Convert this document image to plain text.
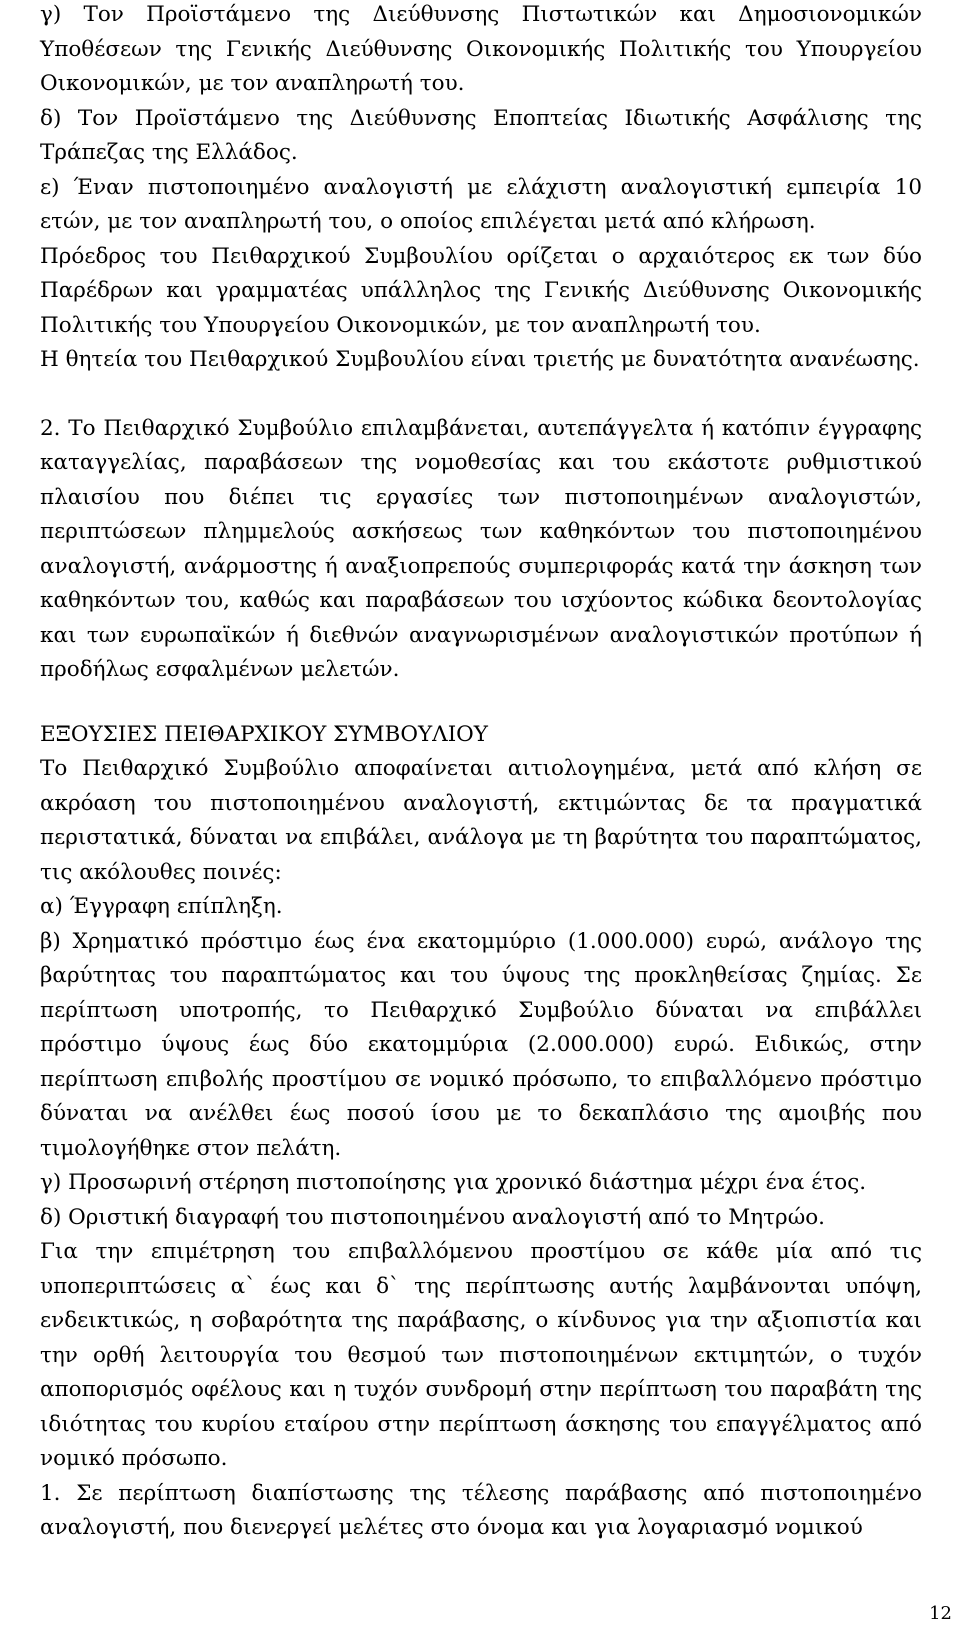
γ) Τον Προϊστάμενο της Διεύθυνσης Πιστωτικών και Δημοσιονομικών Υποθέσεων της Γενικής Διεύθυνσης Οικονομικής Πολιτικής του Υπουργείου Οικονομικών, με τον αναπληρωτή του.

δ) Τον Προϊστάμενο της Διεύθυνσης Εποπτείας Ιδιωτικής Ασφάλισης της Τράπεζας της Ελλάδος.

ε) Έναν πιστοποιημένο αναλογιστή με ελάχιστη αναλογιστική εμπειρία 10 ετών, με τον αναπληρωτή του, ο οποίος επιλέγεται μετά από κλήρωση.

Πρόεδρος του Πειθαρχικού Συμβουλίου ορίζεται ο αρχαιότερος εκ των δύο Παρέδρων και γραμματέας υπάλληλος της Γενικής Διεύθυνσης Οικονομικής Πολιτικής του Υπουργείου Οικονομικών, με τον αναπληρωτή του.

Η θητεία του Πειθαρχικού Συμβουλίου είναι τριετής με δυνατότητα ανανέωσης.

2. Το Πειθαρχικό Συμβούλιο επιλαμβάνεται, αυτεπάγγελτα ή κατόπιν έγγραφης καταγγελίας, παραβάσεων της νομοθεσίας και του εκάστοτε ρυθμιστικού πλαισίου που διέπει τις εργασίες των πιστοποιημένων αναλογιστών, περιπτώσεων πλημμελούς ασκήσεως των καθηκόντων του πιστοποιημένου αναλογιστή, ανάρμοστης ή αναξιοπρεπούς συμπεριφοράς κατά την άσκηση των καθηκόντων του, καθώς και παραβάσεων του ισχύοντος κώδικα δεοντολογίας και των ευρωπαϊκών ή διεθνών αναγνωρισμένων αναλογιστικών προτύπων ή προδήλως εσφαλμένων μελετών.

ΕΞΟΥΣΙΕΣ ΠΕΙΘΑΡΧΙΚΟΥ ΣΥΜΒΟΥΛΙΟΥ

Το Πειθαρχικό Συμβούλιο αποφαίνεται αιτιολογημένα, μετά από κλήση σε ακρόαση του πιστοποιημένου αναλογιστή, εκτιμώντας δε τα πραγματικά περιστατικά, δύναται να επιβάλει, ανάλογα με τη βαρύτητα του παραπτώματος, τις ακόλουθες ποινές:

α) Έγγραφη επίπληξη.

β) Χρηματικό πρόστιμο έως ένα εκατομμύριο (1.000.000) ευρώ, ανάλογο της βαρύτητας του παραπτώματος και του ύψους της προκληθείσας ζημίας. Σε περίπτωση υποτροπής, το Πειθαρχικό Συμβούλιο δύναται να επιβάλλει πρόστιμο ύψους έως δύο εκατομμύρια (2.000.000) ευρώ. Ειδικώς, στην περίπτωση επιβολής προστίμου σε νομικό πρόσωπο, το επιβαλλόμενο πρόστιμο δύναται να ανέλθει έως ποσού ίσου με το δεκαπλάσιο της αμοιβής που τιμολογήθηκε στον πελάτη.

γ) Προσωρινή στέρηση πιστοποίησης για χρονικό διάστημα μέχρι ένα έτος.

δ) Οριστική διαγραφή του πιστοποιημένου αναλογιστή από το Μητρώο.

Για την επιμέτρηση του επιβαλλόμενου προστίμου σε κάθε μία από τις υποπεριπτώσεις α` έως και δ` της περίπτωσης αυτής λαμβάνονται υπόψη, ενδεικτικώς, η σοβαρότητα της παράβασης, ο κίνδυνος για την αξιοπιστία και την ορθή λειτουργία του θεσμού των πιστοποιημένων εκτιμητών, ο τυχόν αποπορισμός οφέλους και η τυχόν συνδρομή στην περίπτωση του παραβάτη της ιδιότητας του κυρίου εταίρου στην περίπτωση άσκησης του επαγγέλματος από νομικό πρόσωπο.

1. Σε περίπτωση διαπίστωσης της τέλεσης παράβασης από πιστοποιημένο αναλογιστή, που διενεργεί μελέτες στο όνομα και για λογαριασμό νομικού

12
